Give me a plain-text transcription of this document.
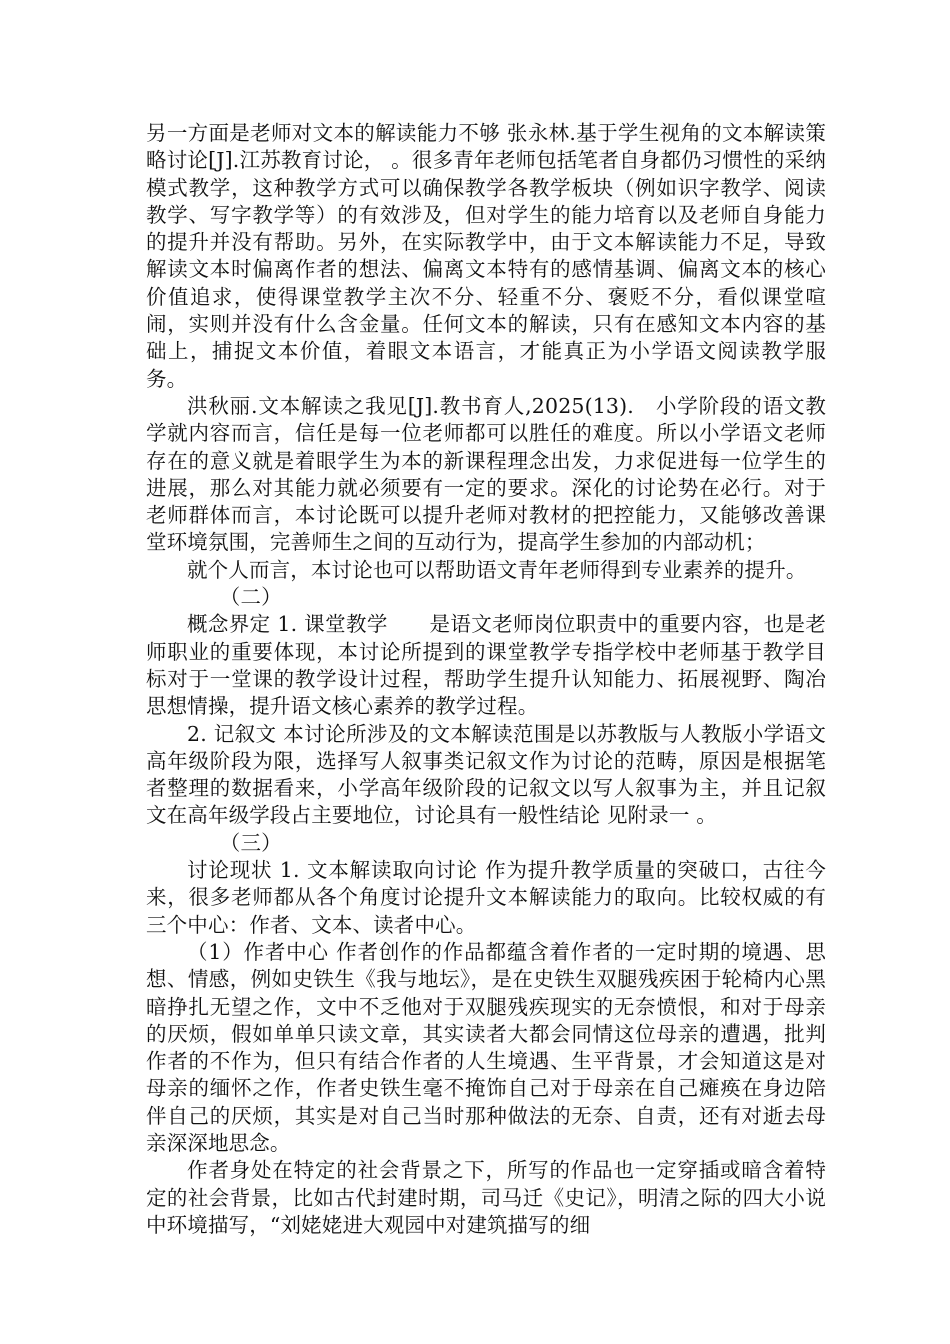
另一方面是老师对文本的解读能力不够 张永林.基于学生视角的文本解读策略讨论[J].江苏教育讨论， 。很多青年老师包括笔者自身都仍习惯性的采纳模式教学，这种教学方式可以确保教学各教学板块（例如识字教学、阅读教学、写字教学等）的有效涉及，但对学生的能力培育以及老师自身能力的提升并没有帮助。另外，在实际教学中，由于文本解读能力不足，导致解读文本时偏离作者的想法、偏离文本特有的感情基调、偏离文本的核心价值追求，使得课堂教学主次不分、轻重不分、褒贬不分，看似课堂喧闹，实则并没有什么含金量。任何文本的解读，只有在感知文本内容的基础上，捕捉文本价值，着眼文本语言，才能真正为小学语文阅读教学服务。

洪秋丽.文本解读之我见[J].教书育人,2025(13).　小学阶段的语文教学就内容而言，信任是每一位老师都可以胜任的难度。所以小学语文老师存在的意义就是着眼学生为本的新课程理念出发，力求促进每一位学生的进展，那么对其能力就必须要有一定的要求。深化的讨论势在必行。对于老师群体而言，本讨论既可以提升老师对教材的把控能力，又能够改善课堂环境氛围，完善师生之间的互动行为，提高学生参加的内部动机；

就个人而言，本讨论也可以帮助语文青年老师得到专业素养的提升。

（二）

概念界定 1. 课堂教学　　是语文老师岗位职责中的重要内容，也是老师职业的重要体现，本讨论所提到的课堂教学专指学校中老师基于教学目标对于一堂课的教学设计过程，帮助学生提升认知能力、拓展视野、陶冶思想情操，提升语文核心素养的教学过程。

2. 记叙文 本讨论所涉及的文本解读范围是以苏教版与人教版小学语文高年级阶段为限，选择写人叙事类记叙文作为讨论的范畴，原因是根据笔者整理的数据看来，小学高年级阶段的记叙文以写人叙事为主，并且记叙文在高年级学段占主要地位，讨论具有一般性结论 见附录一 。

（三）

讨论现状 1. 文本解读取向讨论 作为提升教学质量的突破口，古往今来，很多老师都从各个角度讨论提升文本解读能力的取向。比较权威的有三个中心：作者、文本、读者中心。

（1）作者中心 作者创作的作品都蕴含着作者的一定时期的境遇、思想、情感，例如史铁生《我与地坛》，是在史铁生双腿残疾困于轮椅内心黑暗挣扎无望之作，文中不乏他对于双腿残疾现实的无奈愤恨，和对于母亲的厌烦，假如单单只读文章，其实读者大都会同情这位母亲的遭遇，批判作者的不作为，但只有结合作者的人生境遇、生平背景，才会知道这是对母亲的缅怀之作，作者史铁生毫不掩饰自己对于母亲在自己瘫痪在身边陪伴自己的厌烦，其实是对自己当时那种做法的无奈、自责，还有对逝去母亲深深地思念。

作者身处在特定的社会背景之下，所写的作品也一定穿插或暗含着特定的社会背景，比如古代封建时期，司马迁《史记》，明清之际的四大小说中环境描写，“刘姥姥进大观园中对建筑描写的细
